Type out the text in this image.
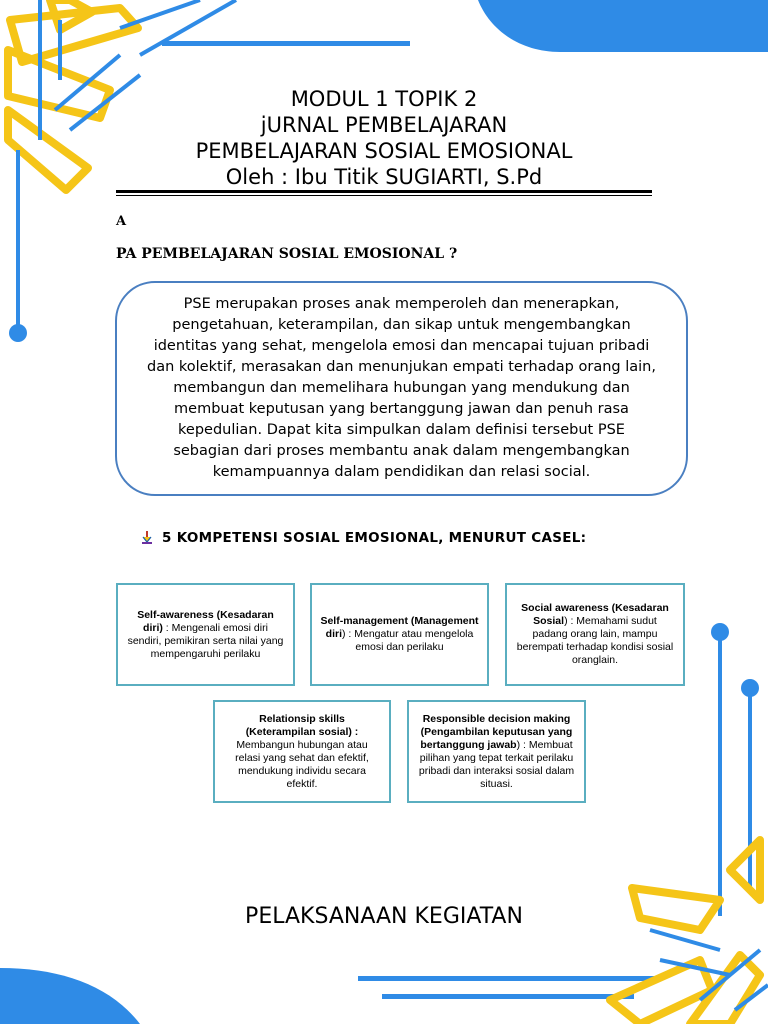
MODUL 1 TOPIK 2
jURNAL PEMBELAJARAN
PEMBELAJARAN SOSIAL EMOSIONAL
Oleh : Ibu Titik SUGIARTI, S.Pd
A
PA PEMBELAJARAN SOSIAL EMOSIONAL ?
PSE merupakan proses anak memperoleh dan menerapkan, pengetahuan, keterampilan, dan sikap untuk mengembangkan identitas yang sehat, mengelola emosi dan mencapai tujuan pribadi dan kolektif, merasakan dan menunjukan empati terhadap orang lain, membangun dan memelihara hubungan yang mendukung dan membuat keputusan yang bertanggung jawan dan penuh rasa kepedulian. Dapat kita simpulkan dalam definisi tersebut PSE sebagian dari proses membantu anak dalam mengembangkan kemampuannya dalam pendidikan dan relasi social.
5 KOMPETENSI SOSIAL EMOSIONAL, MENURUT CASEL:
Self-awareness (Kesadaran diri) : Mengenali emosi diri sendiri, pemikiran serta nilai yang mempengaruhi perilaku
Self-management (Management diri) : Mengatur atau mengelola emosi dan perilaku
Social awareness (Kesadaran Sosial) : Memahami sudut padang orang lain, mampu berempati terhadap kondisi sosial oranglain.
Relationsip skills (Keterampilan sosial) : Membangun hubungan atau relasi yang sehat dan efektif, mendukung individu secara efektif.
Responsible decision making (Pengambilan keputusan yang bertanggung jawab) : Membuat pilihan yang tepat terkait perilaku pribadi dan interaksi sosial dalam situasi.
PELAKSANAAN KEGIATAN
